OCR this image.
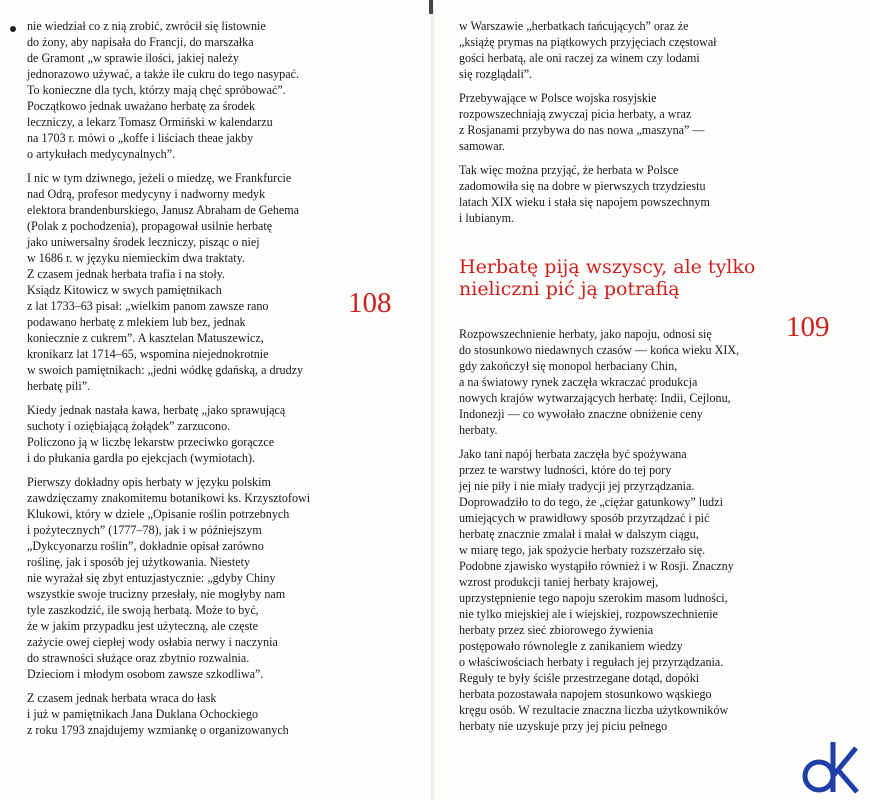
nie wiedział co z nią zrobić, zwrócił się listownie
do żony, aby napisała do Francji, do marszałka
de Gramont „w sprawie ilości, jakiej należy
jednorazowo używać, a także ile cukru do tego nasypać.
To konieczne dla tych, którzy mają chęć spróbować”.
Początkowo jednak uważano herbatę za środek
leczniczy, a lekarz Tomasz Ormiński w kalendarzu
na 1703 r. mówi o „koffe i liściach theae jakby
o artykułach medycynalnych”.
I nic w tym dziwnego, jeżeli o miedzę, we Frankfurcie
nad Odrą, profesor medycyny i nadworny medyk
elektora brandenburskiego, Janusz Abraham de Gehema
(Polak z pochodzenia), propagował usilnie herbatę
jako uniwersalny środek leczniczy, pisząc o niej
w 1686 r. w języku niemieckim dwa traktaty.
Z czasem jednak herbata trafia i na stoły.
Ksiądz Kitowicz w swych pamiętnikach
z lat 1733–63 pisał: „wielkim panom zawsze rano
podawano herbatę z mlekiem lub bez, jednak
koniecznie z cukrem”. A kasztelan Matuszewicz,
kronikarz lat 1714–65, wspomina niejednokrotnie
w swoich pamiętnikach: „jedni wódkę gdańską, a drudzy
herbatę pili”.
Kiedy jednak nastała kawa, herbatę „jako sprawującą
suchoty i oziębiającą żołądek” zarzucono.
Policzono ją w liczbę lekarstw przeciwko gorączce
i do płukania gardła po ejekcjach (wymiotach).
Pierwszy dokładny opis herbaty w języku polskim
zawdzięczamy znakomitemu botanikowi ks. Krzysztofowi
Klukowi, który w dziele „Opisanie roślin potrzebnych
i pożytecznych” (1777–78), jak i w późniejszym
„Dykcyonarzu roślin”, dokładnie opisał zarówno
roślinę, jak i sposób jej użytkowania. Niestety
nie wyrażał się zbyt entuzjastycznie: „gdyby Chiny
wszystkie swoje trucizny przesłały, nie mogłyby nam
tyle zaszkodzić, ile swoją herbatą. Może to być,
że w jakim przypadku jest użyteczną, ale częste
zażycie owej ciepłej wody osłabia nerwy i naczynia
do strawności służące oraz zbytnio rozwalnia.
Dzieciom i młodym osobom zawsze szkodliwa”.
Z czasem jednak herbata wraca do łask
i już w pamiętnikach Jana Duklana Ochockiego
z roku 1793 znajdujemy wzmiankę o organizowanych
108
w Warszawie „herbatkach tańcujących” oraz że
„książę prymas na piątkowych przyjęciach częstował
gości herbatą, ale oni raczej za winem czy lodami
się rozglądali”.
Przebywające w Polsce wojska rosyjskie
rozpowszechniają zwyczaj picia herbaty, a wraz
z Rosjanami przybywa do nas nowa „maszyna” —
samowar.
Tak więc można przyjąć, że herbata w Polsce
zadomowiła się na dobre w pierwszych trzydziestu
latach XIX wieku i stała się napojem powszechnym
i lubianym.
Herbatę piją wszyscy, ale tylko
nieliczni pić ją potrafią
109
Rozpowszechnienie herbaty, jako napoju, odnosi się
do stosunkowo niedawnych czasów — końca wieku XIX,
gdy zakończył się monopol herbaciany Chin,
a na światowy rynek zaczęła wkraczać produkcja
nowych krajów wytwarzających herbatę: Indii, Cejlonu,
Indonezji — co wywołało znaczne obniżenie ceny
herbaty.
Jako tani napój herbata zaczęła być spożywana
przez te warstwy ludności, które do tej pory
jej nie piły i nie miały tradycji jej przyrządzania.
Doprowadziło to do tego, że „ciężar gatunkowy” ludzi
umiejących w prawidłowy sposób przyrządzać i pić
herbatę znacznie zmalał i malał w dalszym ciągu,
w miarę tego, jak spożycie herbaty rozszerzało się.
Podobne zjawisko wystąpiło również i w Rosji. Znaczny
wzrost produkcji taniej herbaty krajowej,
uprzystępnienie tego napoju szerokim masom ludności,
nie tylko miejskiej ale i wiejskiej, rozpowszechnienie
herbaty przez sieć zbiorowego żywienia
postępowało równolegle z zanikaniem wiedzy
o właściwościach herbaty i regułach jej przyrządzania.
Reguły te były ściśle przestrzegane dotąd, dopóki
herbata pozostawała napojem stosunkowo wąskiego
kręgu osób. W rezultacie znaczna liczba użytkowników
herbaty nie uzyskuje przy jej piciu pełnego
